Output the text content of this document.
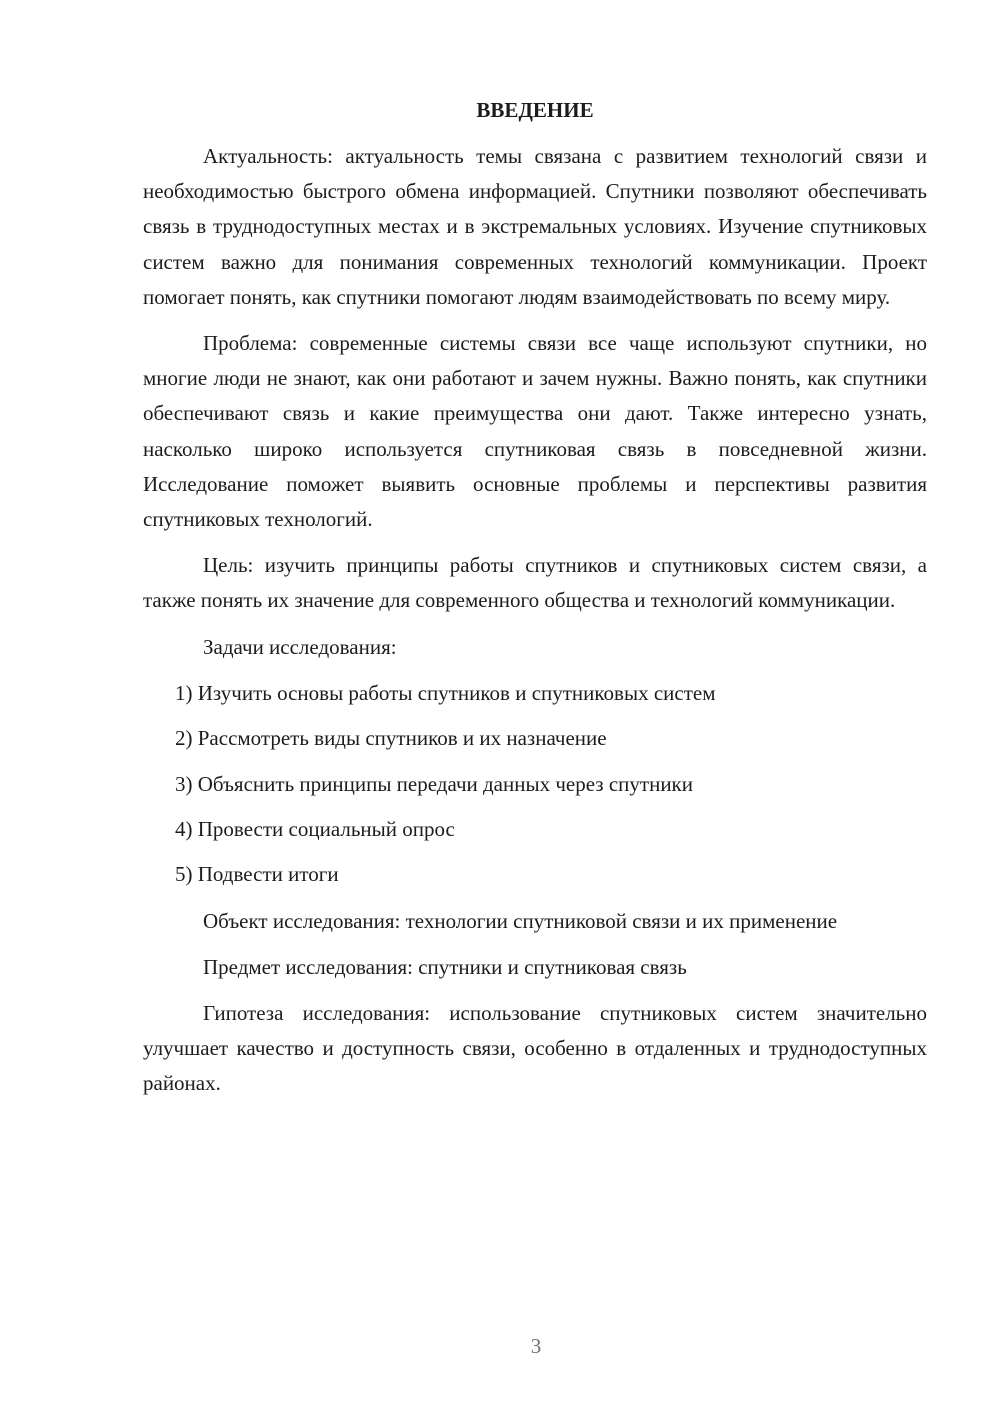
ВВЕДЕНИЕ

Актуальность: актуальность темы связана с развитием технологий связи и необходимостью быстрого обмена информацией. Спутники позволяют обеспечивать связь в труднодоступных местах и в экстремальных условиях. Изучение спутниковых систем важно для понимания современных технологий коммуникации. Проект помогает понять, как спутники помогают людям взаимодействовать по всему миру.

Проблема: современные системы связи все чаще используют спутники, но многие люди не знают, как они работают и зачем нужны. Важно понять, как спутники обеспечивают связь и какие преимущества они дают. Также интересно узнать, насколько широко используется спутниковая связь в повседневной жизни. Исследование поможет выявить основные проблемы и перспективы развития спутниковых технологий.

Цель: изучить принципы работы спутников и спутниковых систем связи, а также понять их значение для современного общества и технологий коммуникации.

Задачи исследования:

1) Изучить основы работы спутников и спутниковых систем
2) Рассмотреть виды спутников и их назначение
3) Объяснить принципы передачи данных через спутники
4) Провести социальный опрос
5) Подвести итоги

Объект исследования: технологии спутниковой связи и их применение

Предмет исследования: спутники и спутниковая связь

Гипотеза исследования: использование спутниковых систем значительно улучшает качество и доступность связи, особенно в отдаленных и труднодоступных районах.

3
